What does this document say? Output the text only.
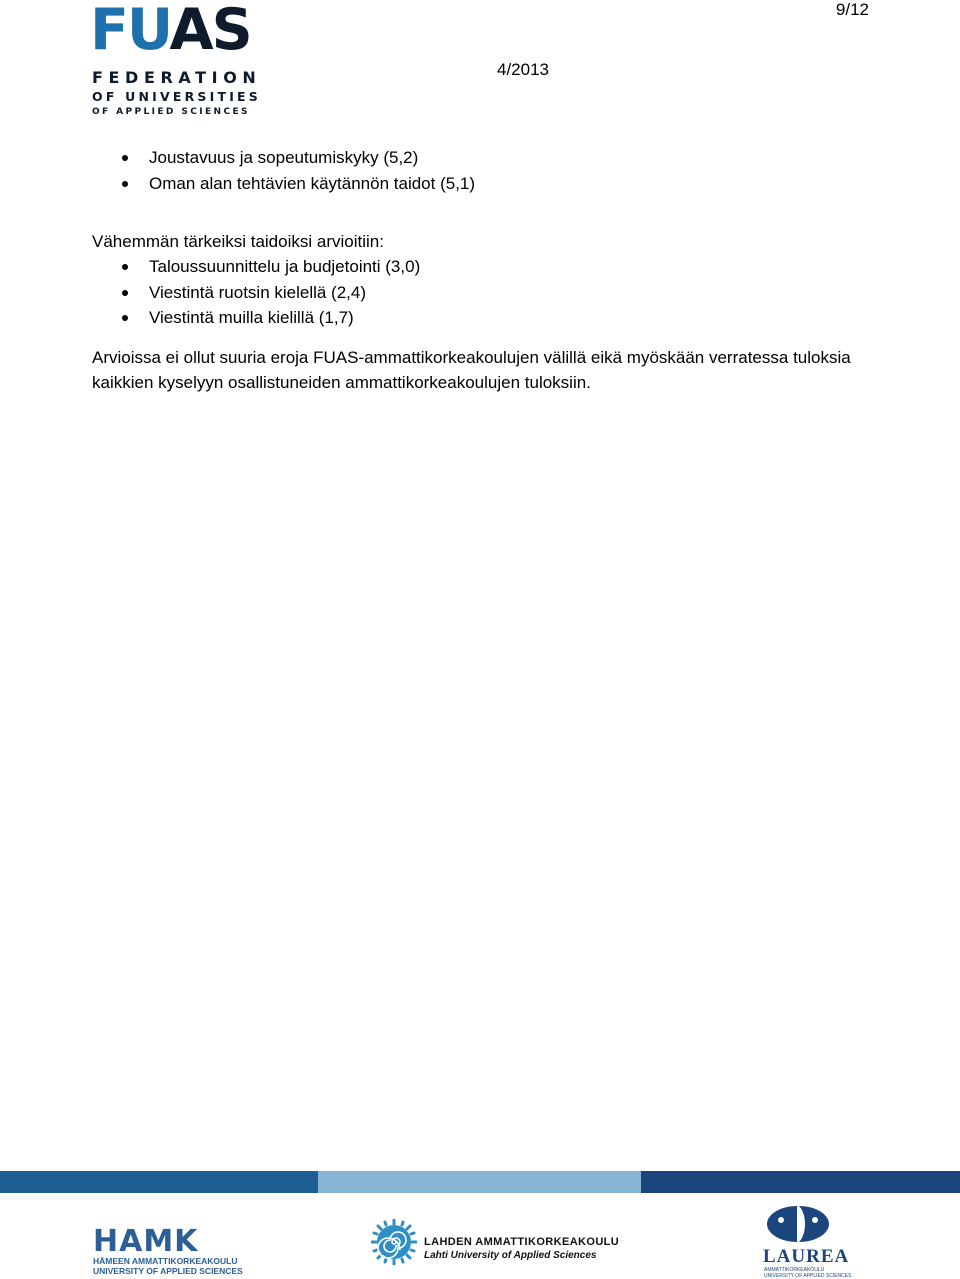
9/12
FUAS
FEDERATION
OF UNIVERSITIES
OF APPLIED SCIENCES
4/2013
Joustavuus ja sopeutumiskyky (5,2)
Oman alan tehtävien käytännön taidot (5,1)

Vähemmän tärkeiksi taidoiksi arvioitiin:

Taloussuunnittelu ja budjetointi (3,0)
Viestintä ruotsin kielellä (2,4)
Viestintä muilla kielillä (1,7)

Arvioissa ei ollut suuria eroja FUAS-ammattikorkeakoulujen välillä eikä myöskään verratessa tuloksia

kaikkien kyselyyn osallistuneiden ammattikorkeakoulujen tuloksiin.

HAMK
HÄMEEN AMMATTIKORKEAKOULU
UNIVERSITY OF APPLIED SCIENCES
LAHDEN AMMATTIKORKEAKOULU
Lahti University of Applied Sciences	LAUREA
AMMATTIKORKEAKOULU
UNIVERSITY OF APPLIED SCIENCES
